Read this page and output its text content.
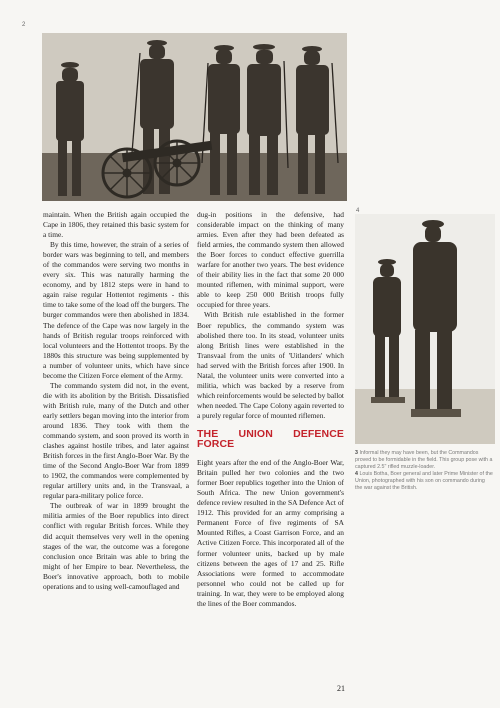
2
4

maintain. When the British again occupied the Cape in 1806, they retained this basic system for a time.

By this time, however, the strain of a series of border wars was beginning to tell, and members of the commandos were serving two months in every six. This was naturally harming the economy, and by 1812 steps were in hand to again raise regular Hottentot regiments - this time to take some of the load off the burgers. The burger commandos were then abolished in 1834. The defence of the Cape was now largely in the hands of British regular troops reinforced with local volunteers and the Hottentot troops. By the 1880s this structure was being supplemented by a number of volunteer units, which have since become the Citizen Force element of the Army.

The commando system did not, in the event, die with its abolition by the British. Dissatisfied with British rule, many of the Dutch and other early settlers began moving into the interior from around 1836. They took with them the commando system, and soon proved its worth in clashes against hostile tribes, and later against British forces in the first Anglo-Boer War. By the time of the Second Anglo-Boer War from 1899 to 1902, the commandos were complemented by regular artillery units and, in the Transvaal, a regular para-military police force.

The outbreak of war in 1899 brought the militia armies of the Boer republics into direct conflict with regular British forces. While they did acquit themselves very well in the opening stages of the war, the outcome was a foregone conclusion once Britain was able to bring the might of her Empire to bear. Nevertheless, the Boer's innovative approach, both to mobile operations and to using well-camouflaged and

dug-in positions in the defensive, had considerable impact on the thinking of many armies. Even after they had been defeated as field armies, the commando system then allowed the Boer forces to conduct effective guerrilla warfare for another two years. The best evidence of their ability lies in the fact that some 20 000 mounted riflemen, with minimal support, were able to keep 250 000 British troops fully occupied for three years.

With British rule established in the former Boer republics, the commando system was abolished there too. In its stead, volunteer units along British lines were established in the Transvaal from the units of 'Uitlanders' which had served with the British forces after 1900. In Natal, the volunteer units were converted into a militia, which was backed by a reserve from which reinforcements would be selected by ballot when needed. The Cape Colony again reverted to a purely regular force of mounted riflemen.

THE UNION DEFENCE FORCE

Eight years after the end of the Anglo-Boer War, Britain pulled her two colonies and the two former Boer republics together into the Union of South Africa. The new Union government's defence review resulted in the SA Defence Act of 1912. This provided for an army comprising a Permanent Force of five regiments of SA Mounted Rifles, a Coast Garrison Force, and an Active Citizen Force. This incorporated all of the former volunteer units, backed up by male citizens between the ages of 17 and 25. Rifle Associations were formed to accommodate personnel who could not be called up for training. In war, they were to be employed along the lines of the Boer commandos.

3 Informal they may have been, but the Commandos proved to be formidable in the field. This group pose with a captured 2.5" rifled muzzle-loader.

4 Louis Botha, Boer general and later Prime Minister of the Union, photographed with his son on commando during the war against the British.

21
